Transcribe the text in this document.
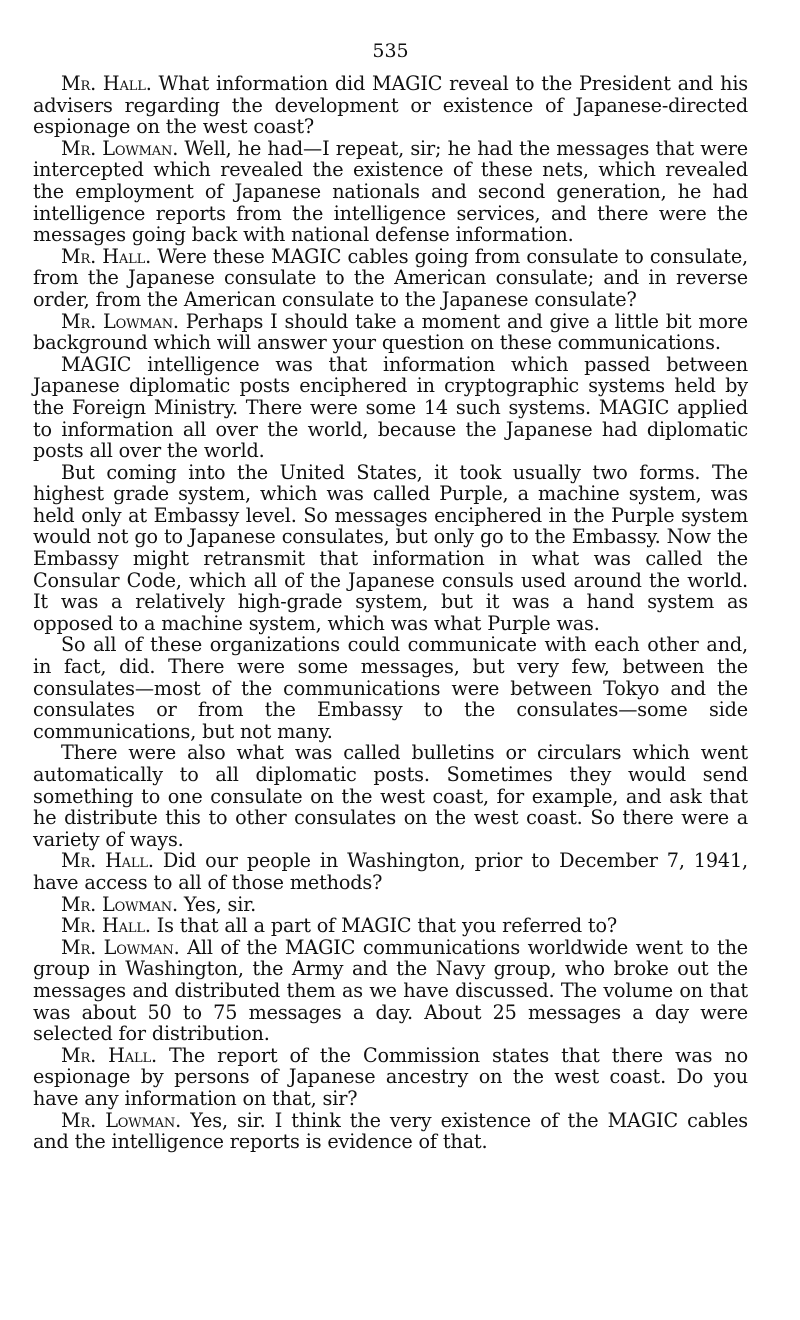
535

Mr. Hall. What information did MAGIC reveal to the President and his advisers regarding the development or existence of Japanese-directed espionage on the west coast?

Mr. Lowman. Well, he had—I repeat, sir; he had the messages that were intercepted which revealed the existence of these nets, which revealed the employment of Japanese nationals and second generation, he had intelligence reports from the intelligence services, and there were the messages going back with national defense information.

Mr. Hall. Were these MAGIC cables going from consulate to consulate, from the Japanese consulate to the American consulate; and in reverse order, from the American consulate to the Japanese consulate?

Mr. Lowman. Perhaps I should take a moment and give a little bit more background which will answer your question on these communications.

MAGIC intelligence was that information which passed between Japanese diplomatic posts enciphered in cryptographic systems held by the Foreign Ministry. There were some 14 such systems. MAGIC applied to information all over the world, because the Japanese had diplomatic posts all over the world.

But coming into the United States, it took usually two forms. The highest grade system, which was called Purple, a machine system, was held only at Embassy level. So messages enciphered in the Purple system would not go to Japanese consulates, but only go to the Embassy. Now the Embassy might retransmit that information in what was called the Consular Code, which all of the Japanese consuls used around the world. It was a relatively high-grade system, but it was a hand system as opposed to a machine system, which was what Purple was.

So all of these organizations could communicate with each other and, in fact, did. There were some messages, but very few, between the consulates—most of the communications were between Tokyo and the consulates or from the Embassy to the consulates—some side communications, but not many.

There were also what was called bulletins or circulars which went automatically to all diplomatic posts. Sometimes they would send something to one consulate on the west coast, for example, and ask that he distribute this to other consulates on the west coast. So there were a variety of ways.

Mr. Hall. Did our people in Washington, prior to December 7, 1941, have access to all of those methods?

Mr. Lowman. Yes, sir.

Mr. Hall. Is that all a part of MAGIC that you referred to?

Mr. Lowman. All of the MAGIC communications worldwide went to the group in Washington, the Army and the Navy group, who broke out the messages and distributed them as we have discussed. The volume on that was about 50 to 75 messages a day. About 25 messages a day were selected for distribution.

Mr. Hall. The report of the Commission states that there was no espionage by persons of Japanese ancestry on the west coast. Do you have any information on that, sir?

Mr. Lowman. Yes, sir. I think the very existence of the MAGIC cables and the intelligence reports is evidence of that.
